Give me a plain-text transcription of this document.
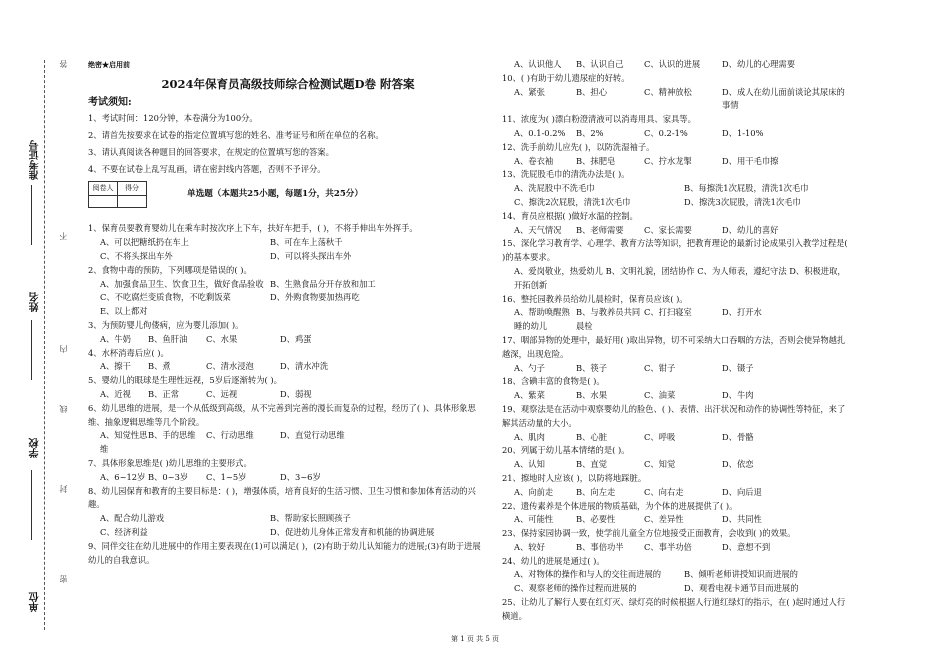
准考证号
姓名
学校
单位
答
不
内
线
封
密
绝密★启用前
2024年保育员高级技师综合检测试题D卷 附答案
考试须知:
1、考试时间：120分钟，本卷满分为100分。
2、请首先按要求在试卷的指定位置填写您的姓名、准考证号和所在单位的名称。
3、请认真阅读各种题目的回答要求，在规定的位置填写您的答案。
4、不要在试卷上乱写乱画，请在密封线内答题，否则不予评分。
阅卷人	得分

单选题（本题共25小题，每题1分，共25分）
1、保育员要教育婴幼儿在乘车时按次序上下车，扶好车把手，( )，不将手伸出车外挥手。
A、可以把糖纸扔在车上	B、可在车上荡秋千
C、不将头探出车外	D、可以将头探出车外
2、食物中毒的预防，下列哪项是错误的( )。
A、加强食品卫生、饮食卫生，做好食品验收 B、生熟食品分开存放和加工
C、不吃腐烂变质食物，不吃剩饭菜	D、外购食物要加热再吃
E、以上都对
3、为预防婴儿佝偻病，应为婴儿添加( )。
A、牛奶	B、鱼肝油	C、水果	D、鸡蛋
4、水杯消毒后应( )。
A、擦干	B、煮	C、清水浸泡	D、清水冲洗
5、婴幼儿的眼球是生理性远视，5岁后逐渐转为( )。
A、近视	B、正常	C、远视	D、弱视
6、幼儿思维的进展，是一个从低级到高级，从不完善到完善的漫长而复杂的过程，经历了( )、具体形象思维、抽象逻辑思维等几个阶段。
A、知觉性思维
B、手的思维	C、行动思维	D、直觉行动思维
7、具体形象思维是( )幼儿思维的主要形式。
A、6~12岁 B、0~3岁	C、1~5岁	D、3~6岁
8、幼儿园保育和教育的主要目标是：( )，增强体质，培育良好的生活习惯、卫生习惯和参加体育活动的兴趣。
A、配合幼儿游戏	B、帮助家长照顾孩子
C、经济利益	D、促进幼儿身体正常发育和机能的协调进展
9、同伴交往在幼儿进展中的作用主要表现在(1)可以满足( )，(2)有助于幼儿认知能力的进展;(3)有助于进展幼儿的自我意识。
A、认识他人	B、认识自己	C、认识的进展	D、幼儿的心理需要
10、( )有助于幼儿遗尿症的好转。
A、紧张	B、担心	C、精神放松	D、成人在幼儿面前谈论其尿床的事情
11、浓度为( )漂白粉澄清液可以消毒用具、家具等。
A、0.1-0.2%	B、2%	C、0.2-1%	D、1-10%
12、洗手前幼儿应先( )，以防洗湿袖子。
A、卷衣袖	B、抹肥皂	C、拧水龙掣	D、用干毛巾擦
13、洗屁股毛巾的清洗办法是( )。
A、洗屁股中不洗毛巾	B、每擦洗1次屁股，清洗1次毛巾
C、擦洗2次屁股，清洗1次毛巾	D、擦洗3次屁股，清洗1次毛巾
14、育员应根据( )做好水温的控制。
A、天气情况	B、老师需要	C、家长需要	D、幼儿的喜好
15、深化学习教育学、心理学、教育方法等知识，把教育理论的最新讨论成果引入教学过程是( )的基本要求。
A、爱岗敬业，热爱幼儿 B、文明礼貌，团结协作 C、为人师表，遵纪守法 D、积极进取，开拓创新
16、整托园教养员给幼儿晨检时，保育员应该( )。
A、帮助唤醒熟睡的幼儿
B、与教养员共同晨检
C、打扫寝室	D、打开水
17、咽部异物的处理中，最好用( )取出异物，切不可采纳大口吞咽的方法，否则会使异物越扎越深，出现危险。
A、勺子	B、筷子	C、钳子	D、镊子
18、含碘丰富的食物是( )。
A、紫菜	B、水果	C、油菜	D、牛肉
19、观察法是在活动中观察婴幼儿的脸色、( )、表情、出汗状况和动作的协调性等特征，来了解其活动量的大小。
A、肌肉	B、心脏	C、呼吸	D、骨骼
20、列属于幼儿基本情绪的是( )。
A、认知	B、直觉	C、知觉	D、依恋
21、擦地时人应该( )，以防将地踩脏。
A、向前走	B、向左走	C、向右走	D、向后退
22、遗传素养是个体进展的物质基础，为个体的进展提供了( )。
A、可能性	B、必要性	C、差异性	D、共同性
23、保持家园协调一致，使学前儿童全方位地接受正面教育，会收到( )的效果。
A、较好	B、事倍功半	C、事半功倍	D、意想不到
24、幼儿的进展是通过( )。
A、对物体的操作和与人的交往而进展的	B、倾听老师讲授知识而进展的
C、观察老师的操作过程而进展的	D、观看电视卡通节目而进展的
25、让幼儿了解行人要在红灯灭、绿灯亮的时候根据人行道红绿灯的指示，在( )起时通过人行横道。
第 1 页 共 5 页
